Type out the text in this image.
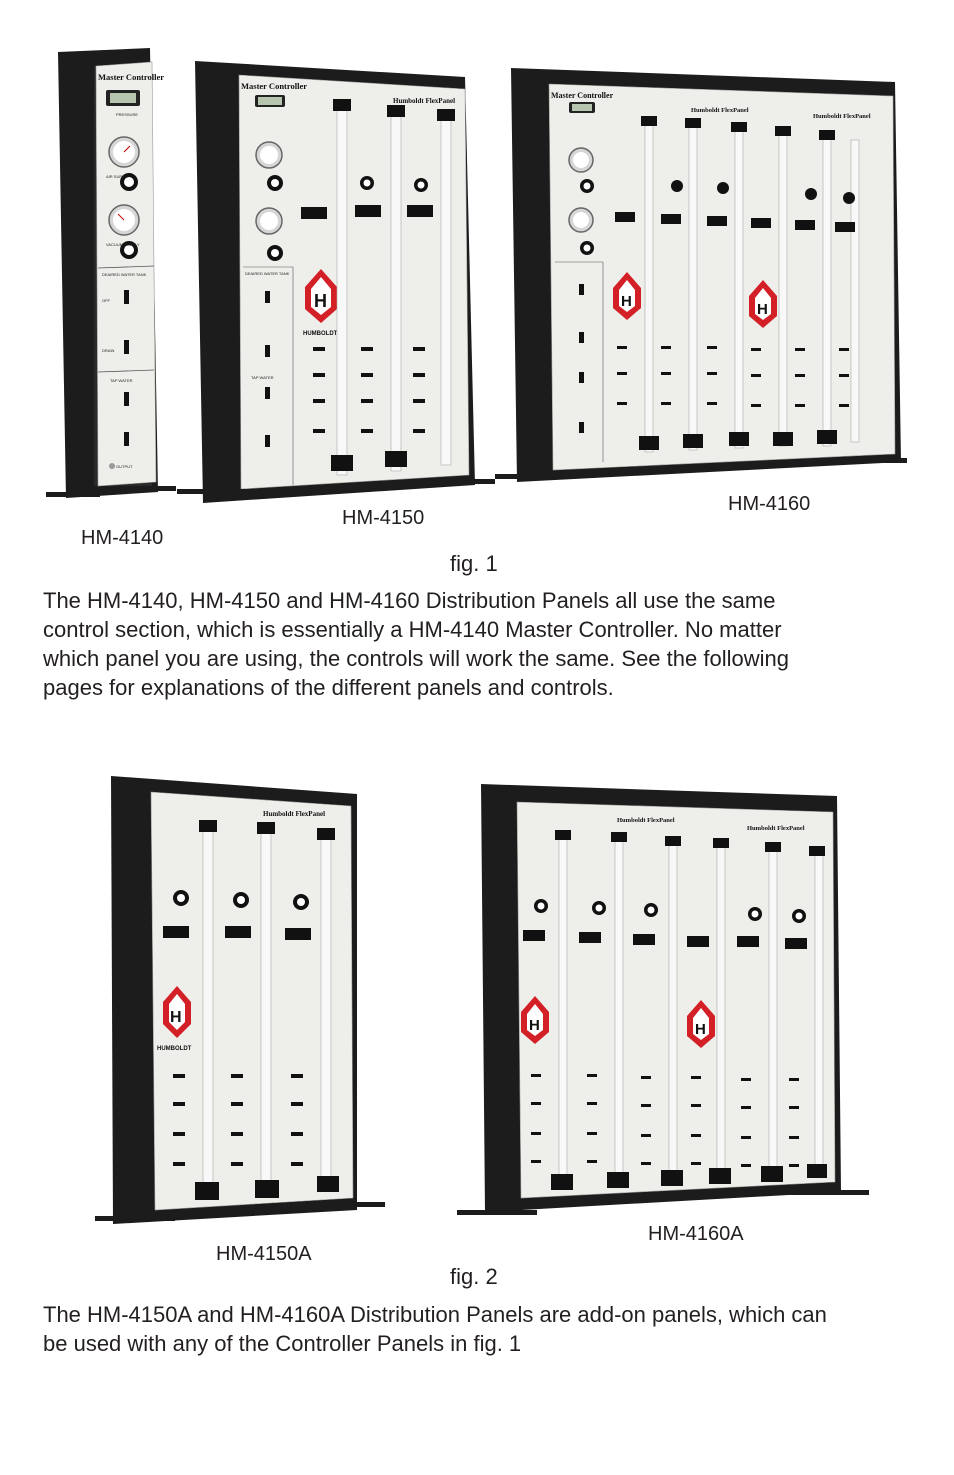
Master Controller
PRESSURE
AIR SUPPLY
VACUUM SUPPLY
DEAIRED WATER TANK
OFF
DRAIN
TAP WATER
OUTPUT
HM-4140
Master Controller
Humboldt FlexPanel
DEAIRED WATER TANK
TAP WATER
H
HUMBOLDT
HM-4150
Master Controller
Humboldt FlexPanel
Humboldt FlexPanel
H	H
HM-4160
fig. 1

The HM-4140, HM-4150 and HM-4160 Distribution Panels all use the same

control section, which is essentially a HM-4140 Master Controller. No matter

which panel you are using, the controls will work the same. See the following

pages for explanations of the different panels and controls.

Humboldt FlexPanel
H
HUMBOLDT
HM-4150A
Humboldt FlexPanel
Humboldt FlexPanel
H	H
HM-4160A
fig. 2

The HM-4150A and HM-4160A Distribution Panels are add-on panels, which can

be used with any of the Controller Panels in fig. 1
